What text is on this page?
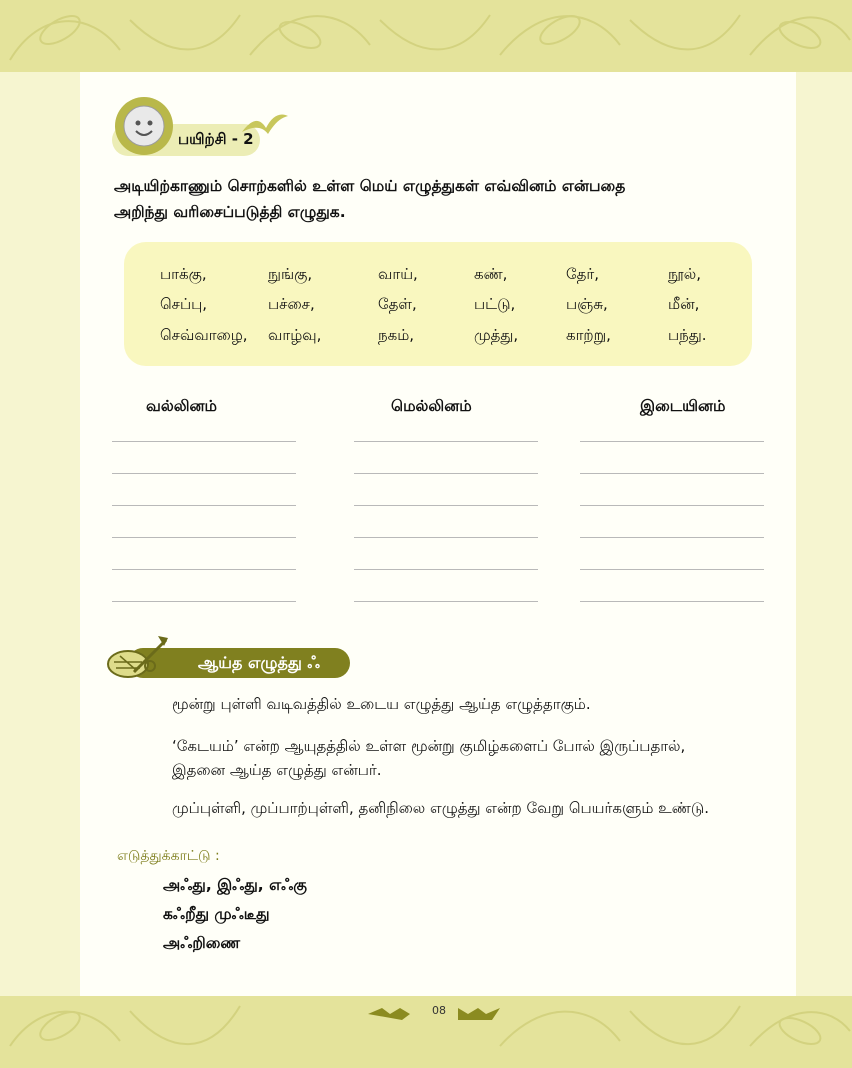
பயிற்சி - 2
அடியிற்காணும் சொற்களில் உள்ள மெய் எழுத்துகள் எவ்வினம் என்பதை
அறிந்து வரிசைப்படுத்தி எழுதுக.
பாக்கு,	நுங்கு,	வாய்,	கண்,	தேர்,	நூல்,
செப்பு,	பச்சை,	தேள்,	பட்டு,	பஞ்சு,	மீன்,
செவ்வாழை, வாழ்வு,	நகம்,	முத்து,	காற்று,	பந்து.
வல்லினம்	மெல்லினம்	இடையினம்
ஆய்த எழுத்து ஃ
மூன்று புள்ளி வடிவத்தில் உடைய எழுத்து ஆய்த எழுத்தாகும்.
‘கேடயம்’ என்ற ஆயுதத்தில் உள்ள மூன்று குமிழ்களைப் போல் இருப்பதால்,
இதனை ஆய்த எழுத்து என்பர்.
முப்புள்ளி, முப்பாற்புள்ளி, தனிநிலை எழுத்து என்ற வேறு பெயர்களும் உண்டு.
எடுத்துக்காட்டு :
அஃது, இஃது, எஃகு
கஃறீது முஃடீது
அஃறிணை
08
